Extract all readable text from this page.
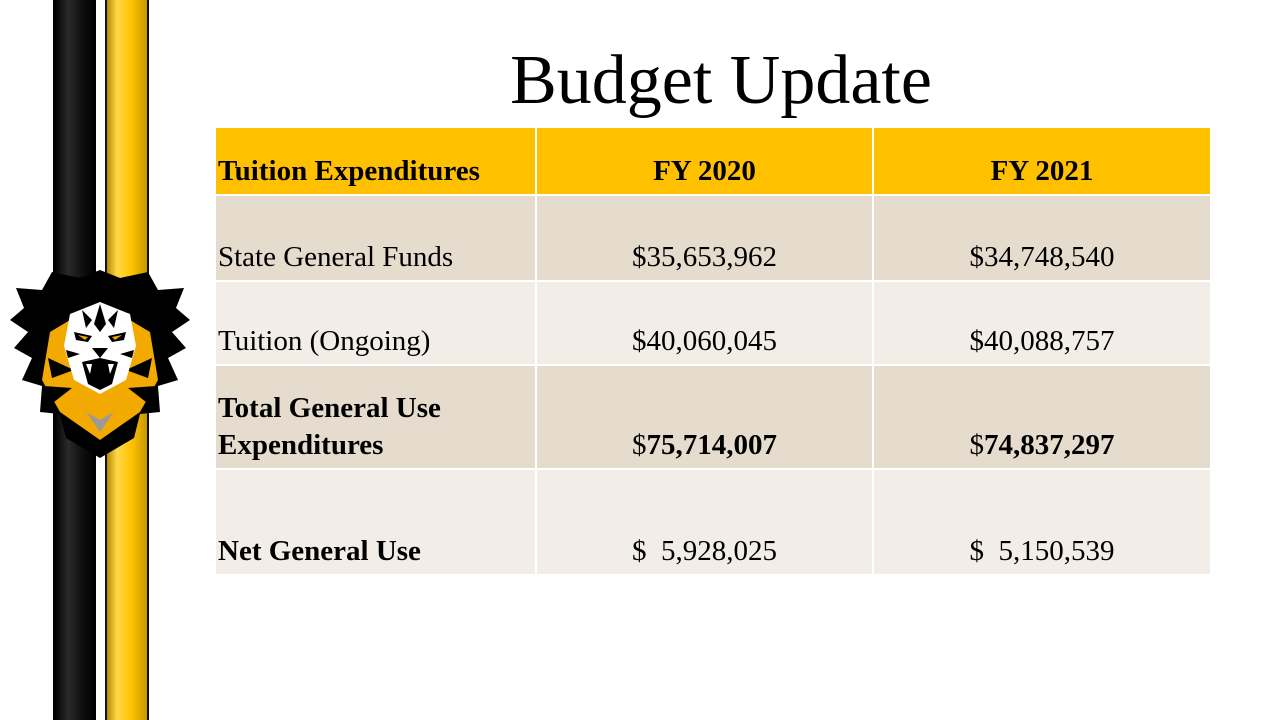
Budget Update
Tuition Expenditures	FY 2020	FY 2021
State General Funds	$35,653,962	$34,748,540
Tuition (Ongoing)	$40,060,045	$40,088,757
Total General Use Expenditures	$75,714,007	$74,837,297
Net General Use	$  5,928,025	$  5,150,539
